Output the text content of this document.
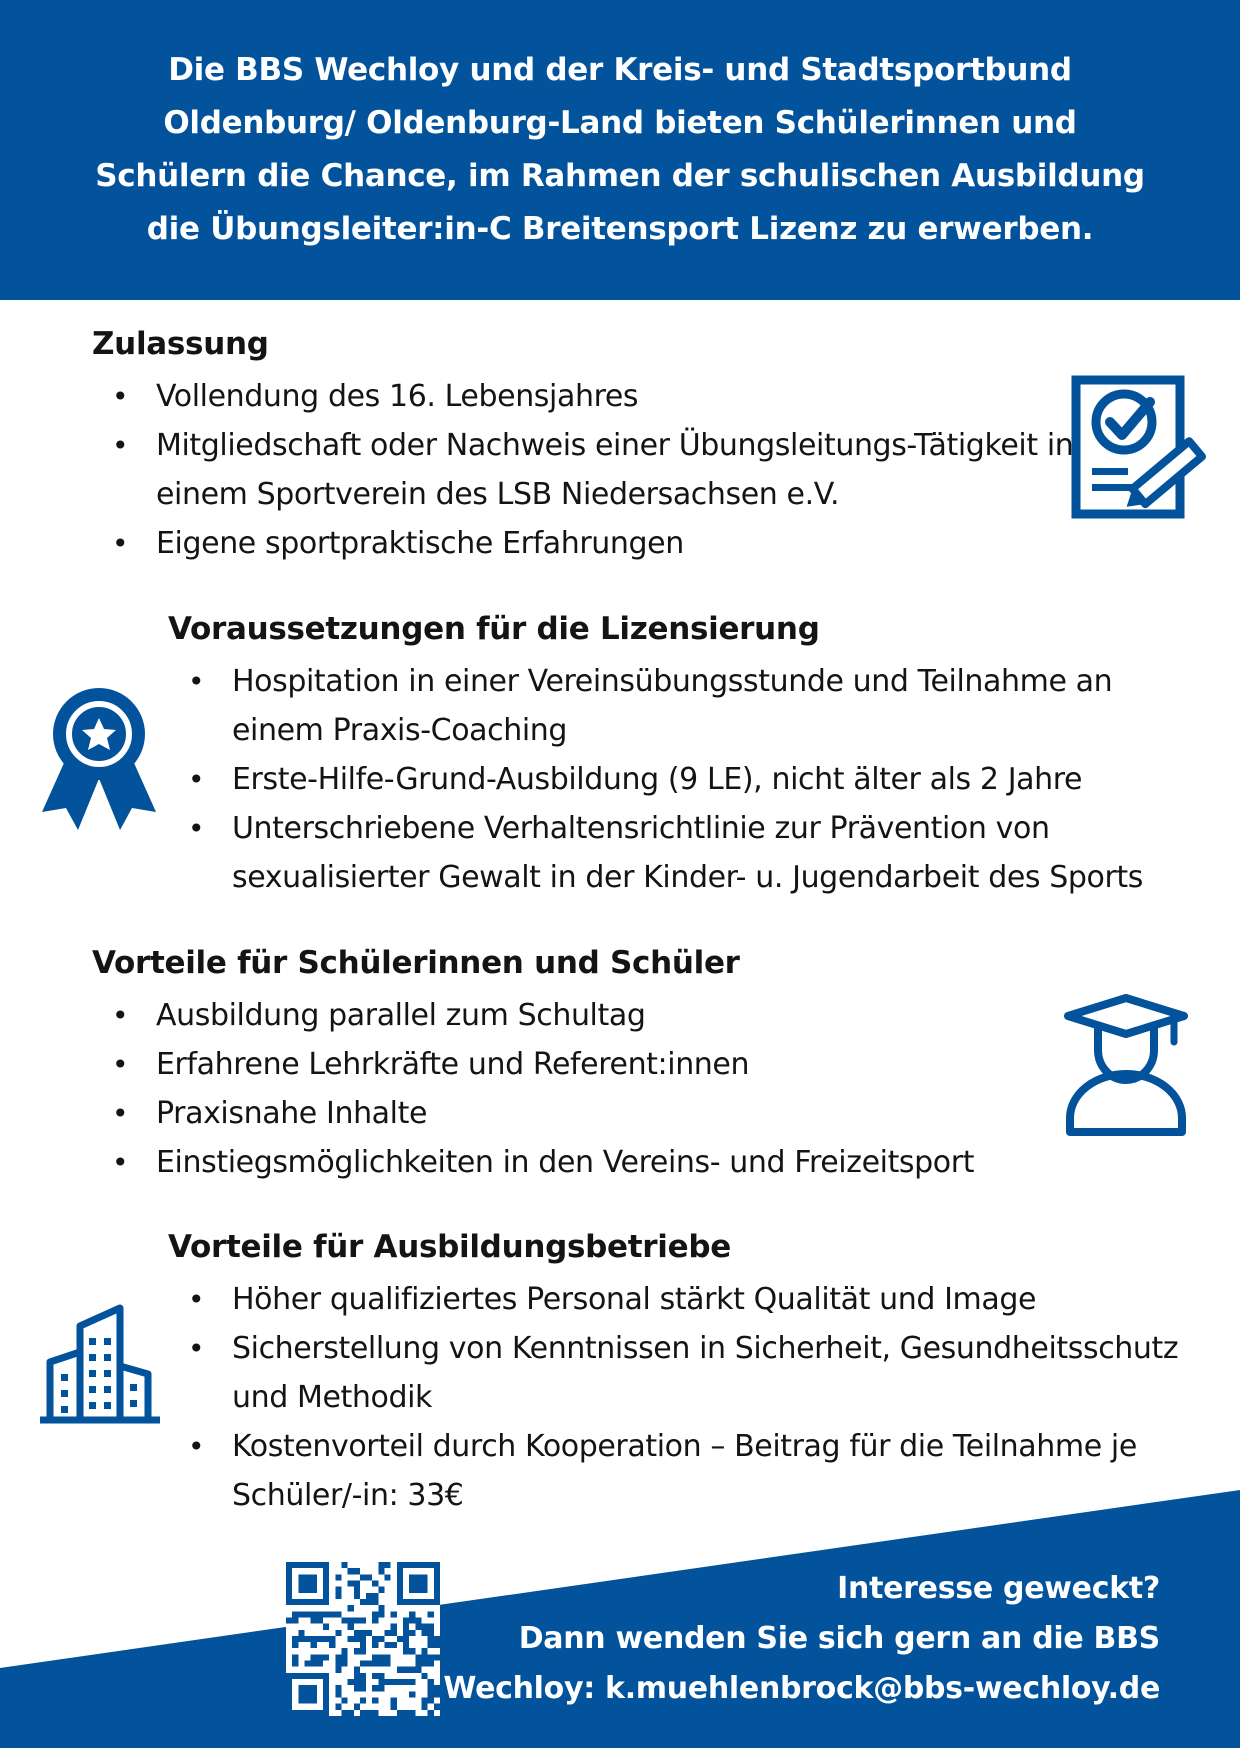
Die BBS Wechloy und der Kreis- und Stadtsportbund Oldenburg/ Oldenburg-Land bieten Schülerinnen und Schülern die Chance, im Rahmen der schulischen Ausbildung die Übungsleiter:in-C Breitensport Lizenz zu erwerben.
Zulassung
• Vollendung des 16. Lebensjahres
• Mitgliedschaft oder Nachweis einer Übungsleitungs-Tätigkeit in einem Sportverein des LSB Niedersachsen e.V.
• Eigene sportpraktische Erfahrungen
Voraussetzungen für die Lizensierung
• Hospitation in einer Vereinsübungsstunde und Teilnahme an einem Praxis-Coaching
• Erste-Hilfe-Grund-Ausbildung (9 LE), nicht älter als 2 Jahre
• Unterschriebene Verhaltensrichtlinie zur Prävention von sexualisierter Gewalt in der Kinder- u. Jugendarbeit des Sports
Vorteile für Schülerinnen und Schüler
• Ausbildung parallel zum Schultag
• Erfahrene Lehrkräfte und Referent:innen
• Praxisnahe Inhalte
• Einstiegsmöglichkeiten in den Vereins- und Freizeitsport
Vorteile für Ausbildungsbetriebe
• Höher qualifiziertes Personal stärkt Qualität und Image
• Sicherstellung von Kenntnissen in Sicherheit, Gesundheitsschutz und Methodik
• Kostenvorteil durch Kooperation – Beitrag für die Teilnahme je Schüler/-in: 33€
Interesse geweckt?
Dann wenden Sie sich gern an die BBS
Wechloy: k.muehlenbrock@bbs-wechloy.de
